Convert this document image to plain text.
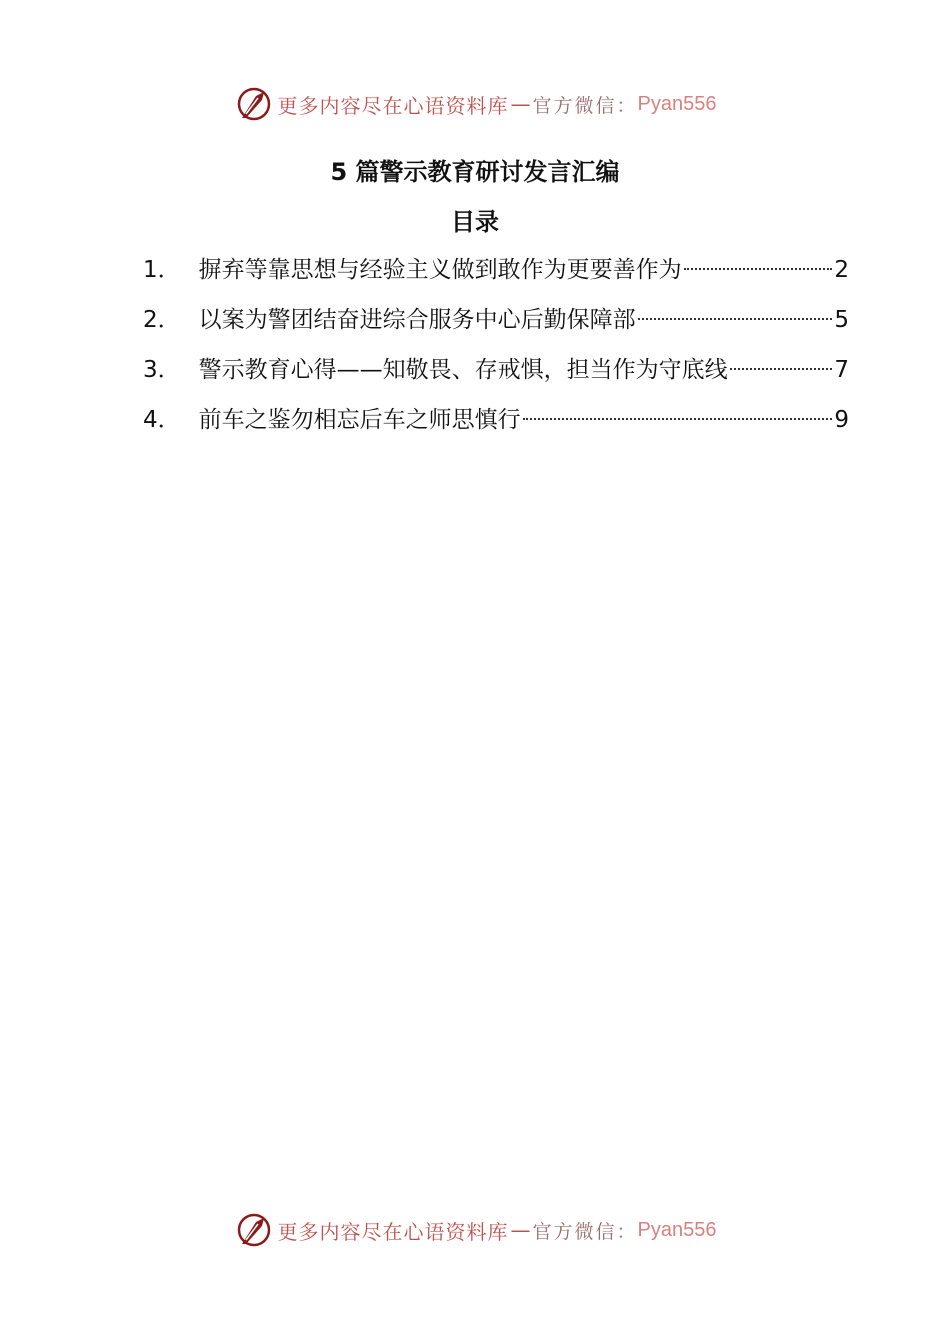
更多内容尽在心语资料库 — 官方微信： Pyan556
5 篇警示教育研讨发言汇编
目录
1． 摒弃等靠思想与经验主义做到敢作为更要善作为	2
2． 以案为警团结奋进综合服务中心后勤保障部	5
3． 警示教育心得——知敬畏、存戒惧，担当作为守底线	7
4． 前车之鉴勿相忘后车之师思慎行	9
更多内容尽在心语资料库 — 官方微信： Pyan556
